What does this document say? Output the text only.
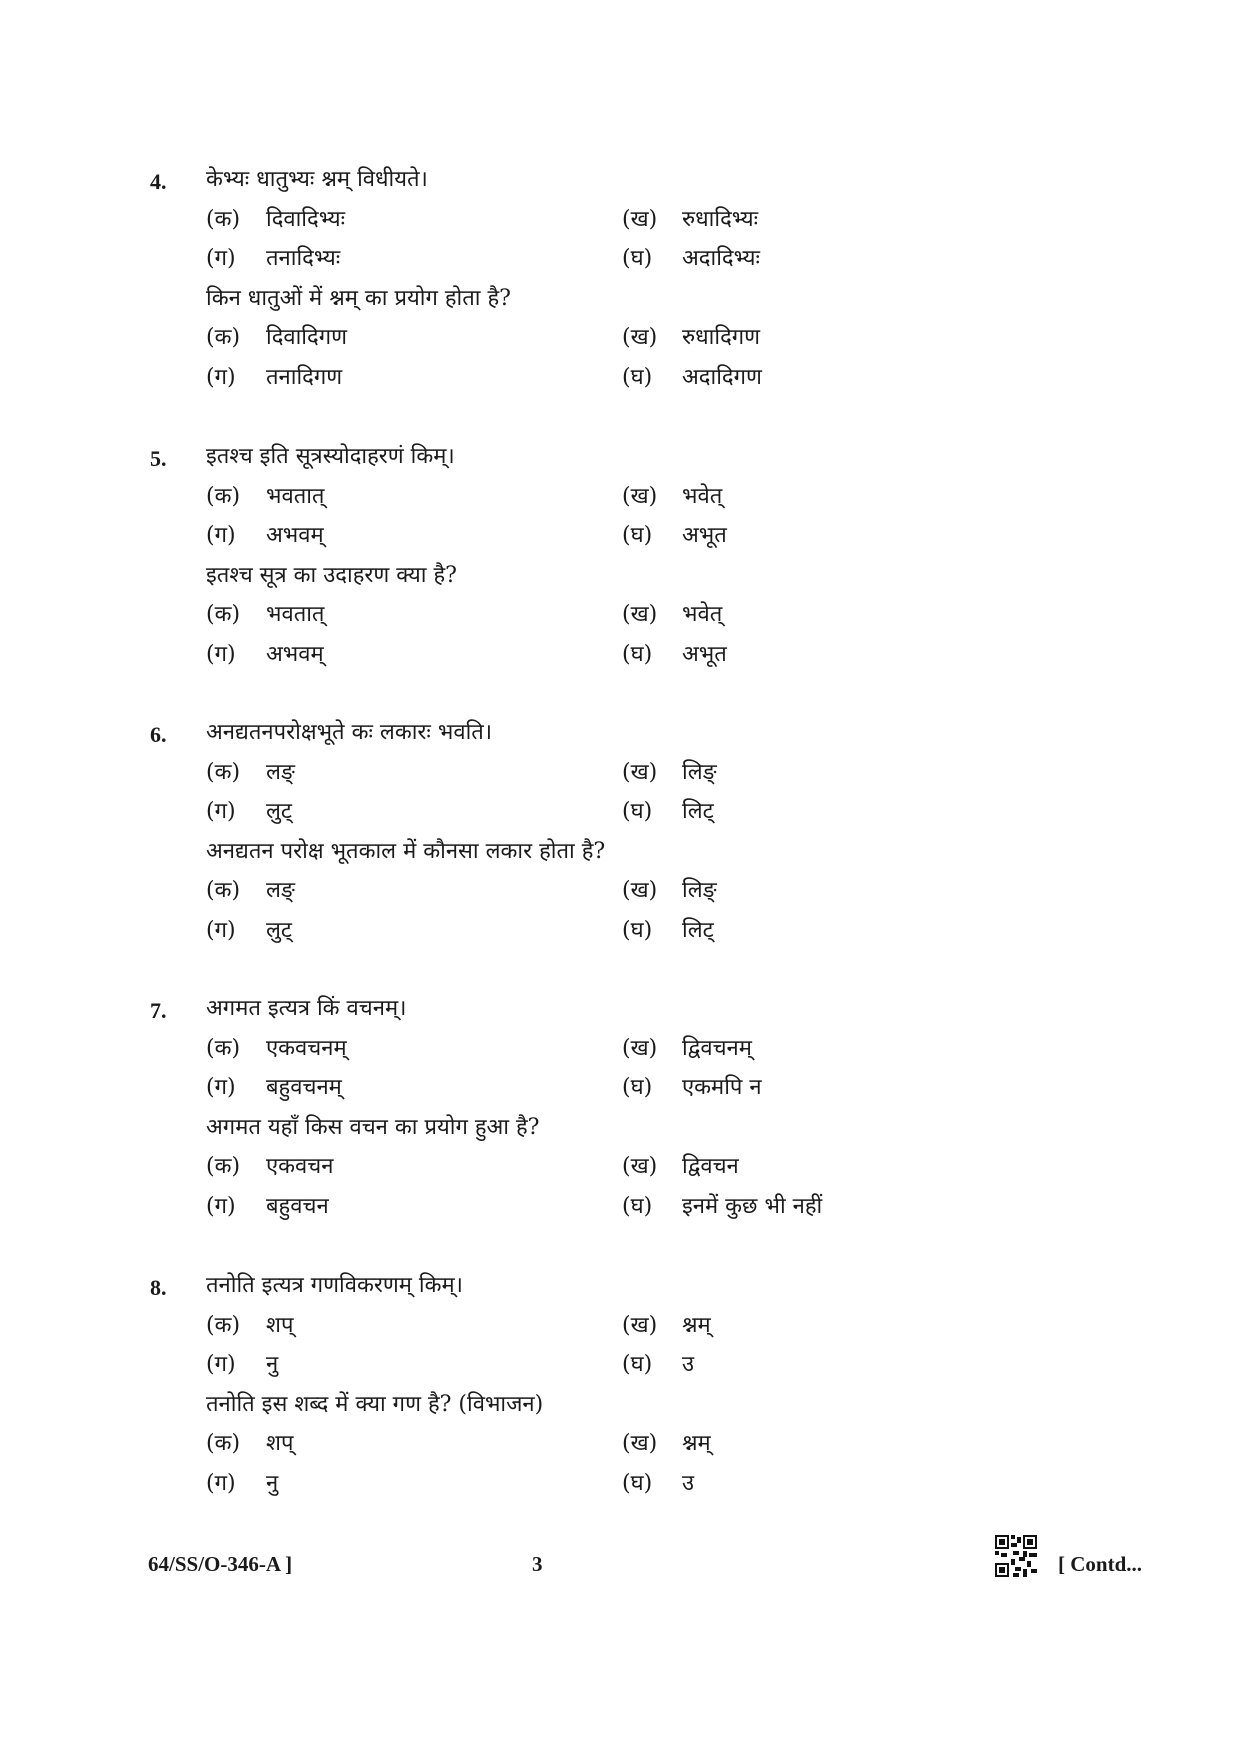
4. केभ्यः धातुभ्यः श्नम् विधीयते।
(क) दिवादिभ्यः	(ख) रुधादिभ्यः
(ग) तनादिभ्यः	(घ) अदादिभ्यः
किन धातुओं में श्नम् का प्रयोग होता है?
(क) दिवादिगण	(ख) रुधादिगण
(ग) तनादिगण	(घ) अदादिगण
5. इतश्च इति सूत्रस्योदाहरणं किम्।
(क) भवतात्	(ख) भवेत्
(ग) अभवम्	(घ) अभूत
इतश्च सूत्र का उदाहरण क्या है?
(क) भवतात्	(ख) भवेत्
(ग) अभवम्	(घ) अभूत
6. अनद्यतनपरोक्षभूते कः लकारः भवति।
(क) लङ्	(ख) लिङ्
(ग) लुट्	(घ) लिट्
अनद्यतन परोक्ष भूतकाल में कौनसा लकार होता है?
(क) लङ्	(ख) लिङ्
(ग) लुट्	(घ) लिट्
7. अगमत इत्यत्र किं वचनम्।
(क) एकवचनम्	(ख) द्विवचनम्
(ग) बहुवचनम्	(घ) एकमपि न
अगमत यहाँ किस वचन का प्रयोग हुआ है?
(क) एकवचन	(ख) द्विवचन
(ग) बहुवचन	(घ) इनमें कुछ भी नहीं
8. तनोति इत्यत्र गणविकरणम् किम्।
(क) शप्	(ख) श्नम्
(ग) नु	(घ) उ
तनोति इस शब्द में क्या गण है? (विभाजन)
(क) शप्	(ख) श्नम्
(ग) नु	(घ) उ
64/SS/O-346-A ]	3	[ Contd...
